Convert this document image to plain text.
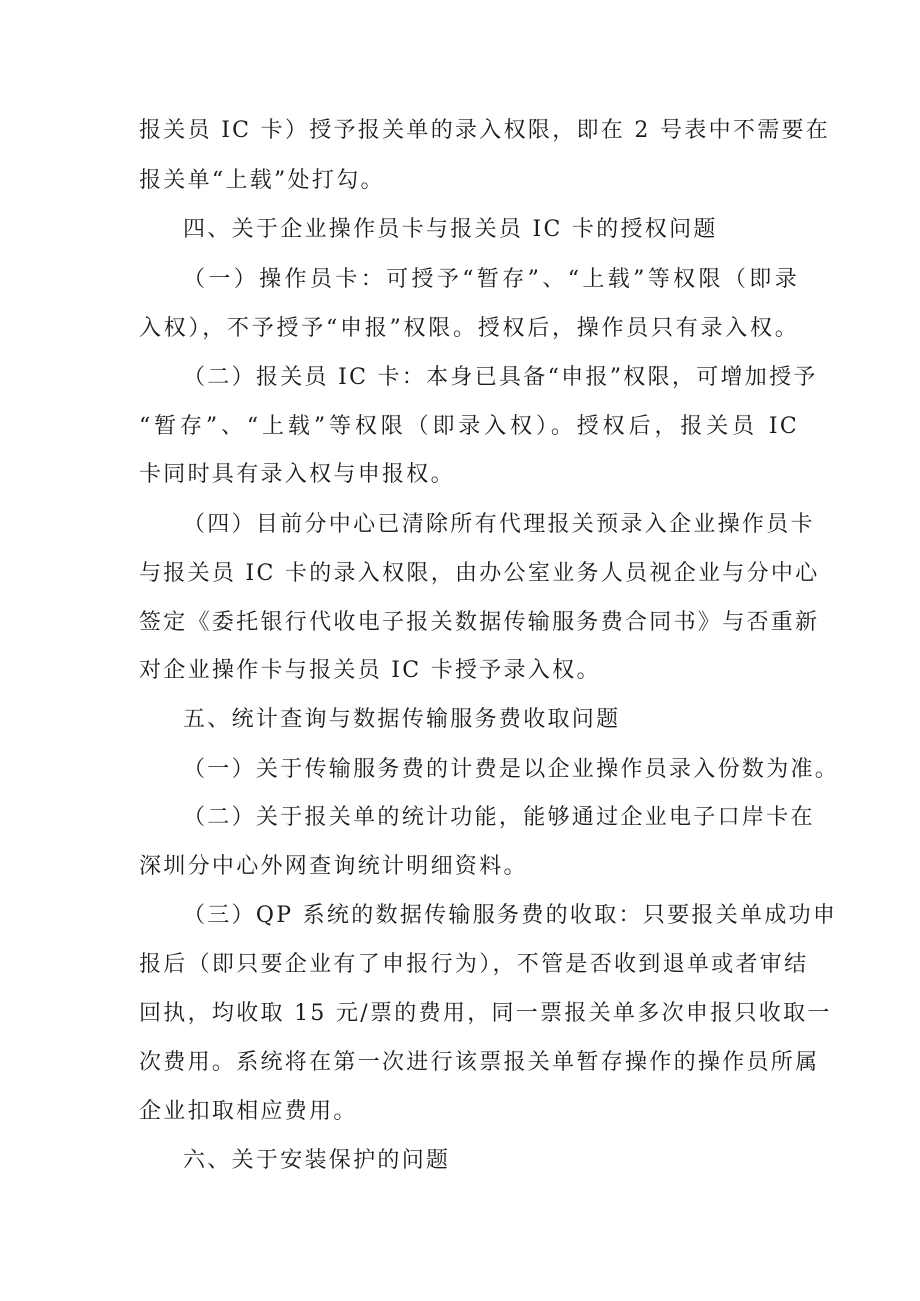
报关员 IC 卡）授予报关单的录入权限，即在 2 号表中不需要在
报关单“上载”处打勾。
四、关于企业操作员卡与报关员 IC 卡的授权问题
（一）操作员卡：可授予“暂存”、“上载”等权限（即录
入权），不予授予“申报”权限。授权后，操作员只有录入权。
（二）报关员 IC 卡：本身已具备“申报”权限，可增加授予
“暂存”、“上载”等权限（即录入权）。授权后，报关员 IC
卡同时具有录入权与申报权。
（四）目前分中心已清除所有代理报关预录入企业操作员卡
与报关员 IC 卡的录入权限，由办公室业务人员视企业与分中心
签定《委托银行代收电子报关数据传输服务费合同书》与否重新
对企业操作卡与报关员 IC 卡授予录入权。
五、统计查询与数据传输服务费收取问题
（一）关于传输服务费的计费是以企业操作员录入份数为准。
（二）关于报关单的统计功能，能够通过企业电子口岸卡在
深圳分中心外网查询统计明细资料。
（三）QP 系统的数据传输服务费的收取：只要报关单成功申
报后（即只要企业有了申报行为），不管是否收到退单或者审结
回执，均收取 15 元/票的费用，同一票报关单多次申报只收取一
次费用。系统将在第一次进行该票报关单暂存操作的操作员所属
企业扣取相应费用。
六、关于安装保护的问题
